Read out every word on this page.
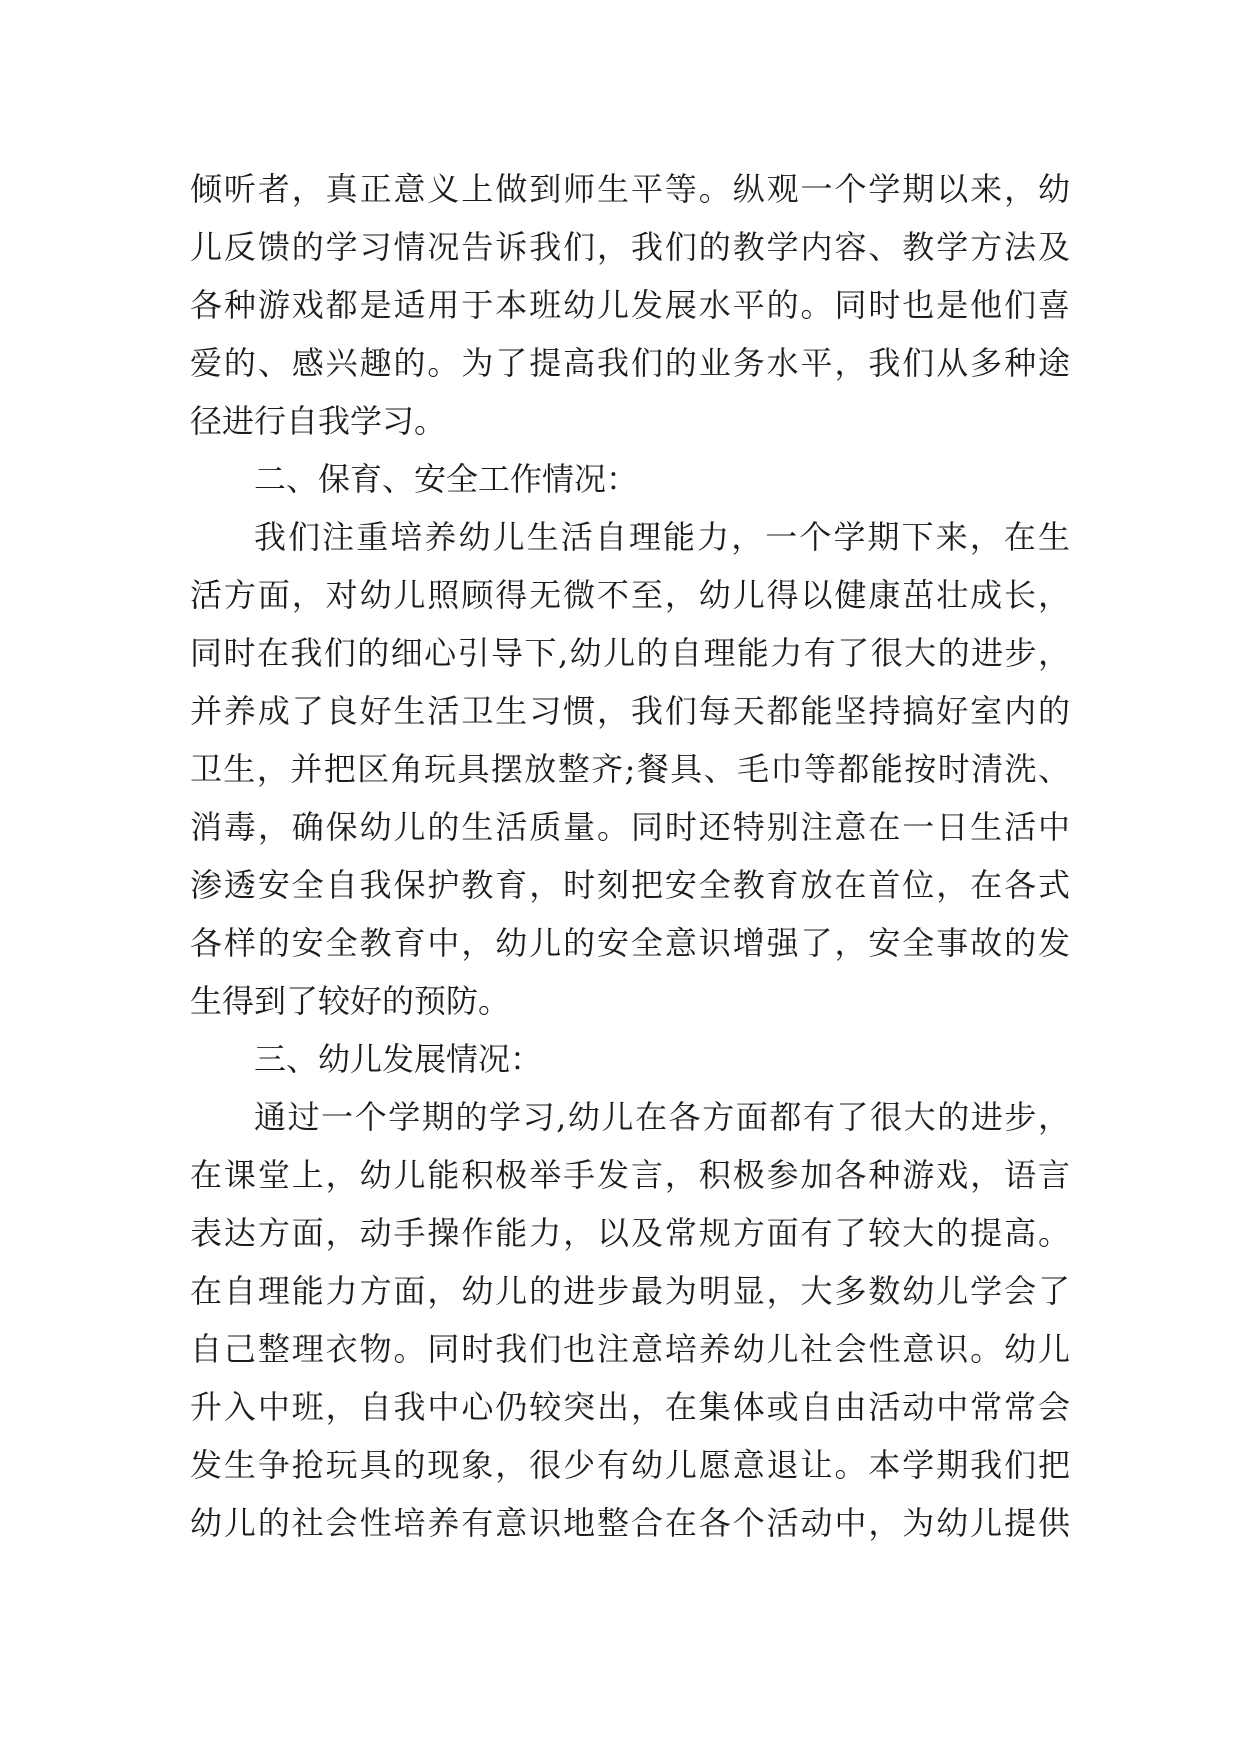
倾听者，真正意义上做到师生平等。纵观一个学期以来，幼
儿反馈的学习情况告诉我们，我们的教学内容、教学方法及
各种游戏都是适用于本班幼儿发展水平的。同时也是他们喜
爱的、感兴趣的。为了提高我们的业务水平，我们从多种途
径进行自我学习。
二、保育、安全工作情况：
我们注重培养幼儿生活自理能力，一个学期下来，在生
活方面，对幼儿照顾得无微不至，幼儿得以健康茁壮成长，
同时在我们的细心引导下,幼儿的自理能力有了很大的进步，
并养成了良好生活卫生习惯，我们每天都能坚持搞好室内的
卫生，并把区角玩具摆放整齐;餐具、毛巾等都能按时清洗、
消毒，确保幼儿的生活质量。同时还特别注意在一日生活中
渗透安全自我保护教育，时刻把安全教育放在首位，在各式
各样的安全教育中，幼儿的安全意识增强了，安全事故的发
生得到了较好的预防。
三、幼儿发展情况：
通过一个学期的学习,幼儿在各方面都有了很大的进步，
在课堂上，幼儿能积极举手发言，积极参加各种游戏，语言
表达方面，动手操作能力，以及常规方面有了较大的提高。
在自理能力方面，幼儿的进步最为明显，大多数幼儿学会了
自己整理衣物。同时我们也注意培养幼儿社会性意识。幼儿
升入中班，自我中心仍较突出，在集体或自由活动中常常会
发生争抢玩具的现象，很少有幼儿愿意退让。本学期我们把
幼儿的社会性培养有意识地整合在各个活动中，为幼儿提供
